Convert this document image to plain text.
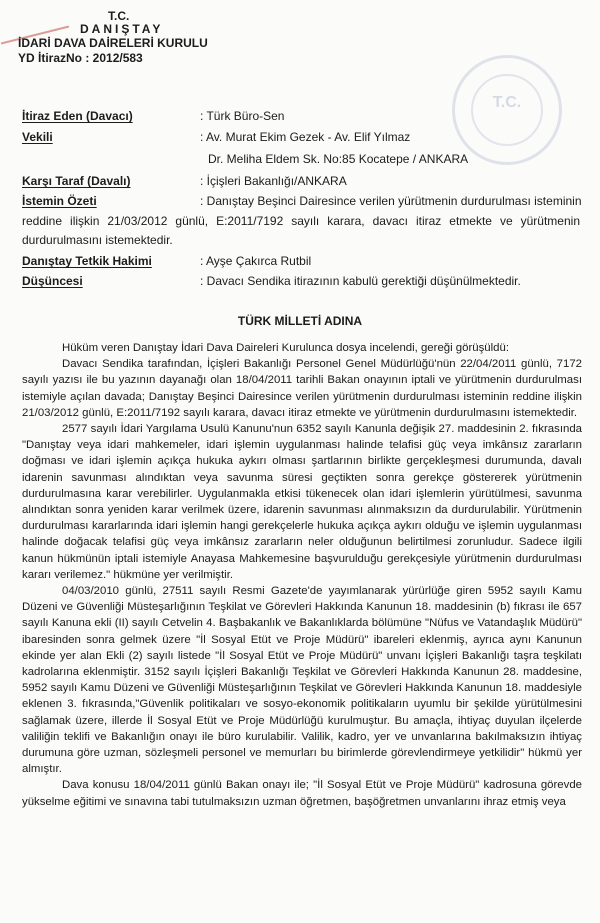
T.C.
DANIŞTAY
İDARİ DAVA DAİRELERİ KURULU
YD İtirazNo : 2012/583
T.C.
İtiraz Eden (Davacı)	: Türk Büro-Sen
Vekili	: Av. Murat Ekim Gezek - Av. Elif Yılmaz
Dr. Meliha Eldem Sk. No:85 Kocatepe / ANKARA
Karşı Taraf (Davalı)	: İçişleri Bakanlığı/ANKARA
İstemin Özeti	: Danıştay Beşinci Dairesince verilen yürütmenin durdurulması isteminin
reddine ilişkin 21/03/2012 günlü, E:2011/7192 sayılı karara, davacı itiraz etmekte ve yürütmenin
durdurulmasını istemektedir.
Danıştay Tetkik Hakimi	: Ayşe Çakırca Rutbil
Düşüncesi	: Davacı Sendika itirazının kabulü gerektiği düşünülmektedir.
TÜRK MİLLETİ ADINA

Hüküm veren Danıştay İdari Dava Daireleri Kurulunca dosya incelendi, gereği görüşüldü:

Davacı Sendika tarafından, İçişleri Bakanlığı Personel Genel Müdürlüğü'nün 22/04/2011 günlü, 7172 sayılı yazısı ile bu yazının dayanağı olan 18/04/2011 tarihli Bakan onayının iptali ve yürütmenin durdurulması istemiyle açılan davada; Danıştay Beşinci Dairesince verilen yürütmenin durdurulması isteminin reddine ilişkin 21/03/2012 günlü, E:2011/7192 sayılı karara, davacı itiraz etmekte ve yürütmenin durdurulmasını istemektedir.

2577 sayılı İdari Yargılama Usulü Kanunu'nun 6352 sayılı Kanunla değişik 27. maddesinin 2. fıkrasında "Danıştay veya idari mahkemeler, idari işlemin uygulanması halinde telafisi güç veya imkânsız zararların doğması ve idari işlemin açıkça hukuka aykırı olması şartlarının birlikte gerçekleşmesi durumunda, davalı idarenin savunması alındıktan veya savunma süresi geçtikten sonra gerekçe göstererek yürütmenin durdurulmasına karar verebilirler. Uygulanmakla etkisi tükenecek olan idari işlemlerin yürütülmesi, savunma alındıktan sonra yeniden karar verilmek üzere, idarenin savunması alınmaksızın da durdurulabilir. Yürütmenin durdurulması kararlarında idari işlemin hangi gerekçelerle hukuka açıkça aykırı olduğu ve işlemin uygulanması halinde doğacak telafisi güç veya imkânsız zararların neler olduğunun belirtilmesi zorunludur. Sadece ilgili kanun hükmünün iptali istemiyle Anayasa Mahkemesine başvurulduğu gerekçesiyle yürütmenin durdurulması kararı verilemez." hükmüne yer verilmiştir.

04/03/2010 günlü, 27511 sayılı Resmi Gazete'de yayımlanarak yürürlüğe giren 5952 sayılı Kamu Düzeni ve Güvenliği Müsteşarlığının Teşkilat ve Görevleri Hakkında Kanunun 18. maddesinin (b) fıkrası ile 657 sayılı Kanuna ekli (II) sayılı Cetvelin 4. Başbakanlık ve Bakanlıklarda bölümüne "Nüfus ve Vatandaşlık Müdürü" ibaresinden sonra gelmek üzere "İl Sosyal Etüt ve Proje Müdürü" ibareleri eklenmiş, ayrıca aynı Kanunun ekinde yer alan Ekli (2) sayılı listede "İl Sosyal Etüt ve Proje Müdürü" unvanı İçişleri Bakanlığı taşra teşkilatı kadrolarına eklenmiştir. 3152 sayılı İçişleri Bakanlığı Teşkilat ve Görevleri Hakkında Kanunun 28. maddesine, 5952 sayılı Kamu Düzeni ve Güvenliği Müsteşarlığının Teşkilat ve Görevleri Hakkında Kanunun 18. maddesiyle eklenen 3. fıkrasında,"Güvenlik politikaları ve sosyo-ekonomik politikaların uyumlu bir şekilde yürütülmesini sağlamak üzere, illerde İl Sosyal Etüt ve Proje Müdürlüğü kurulmuştur. Bu amaçla, ihtiyaç duyulan ilçelerde valiliğin teklifi ve Bakanlığın onayı ile büro kurulabilir. Valilik, kadro, yer ve unvanlarına bakılmaksızın ihtiyaç durumuna göre uzman, sözleşmeli personel ve memurları bu birimlerde görevlendirmeye yetkilidir" hükmü yer almıştır.

Dava konusu 18/04/2011 günlü Bakan onayı ile; "İl Sosyal Etüt ve Proje Müdürü" kadrosuna görevde yükselme eğitimi ve sınavına tabi tutulmaksızın uzman öğretmen, başöğretmen unvanlarını ihraz etmiş veya
